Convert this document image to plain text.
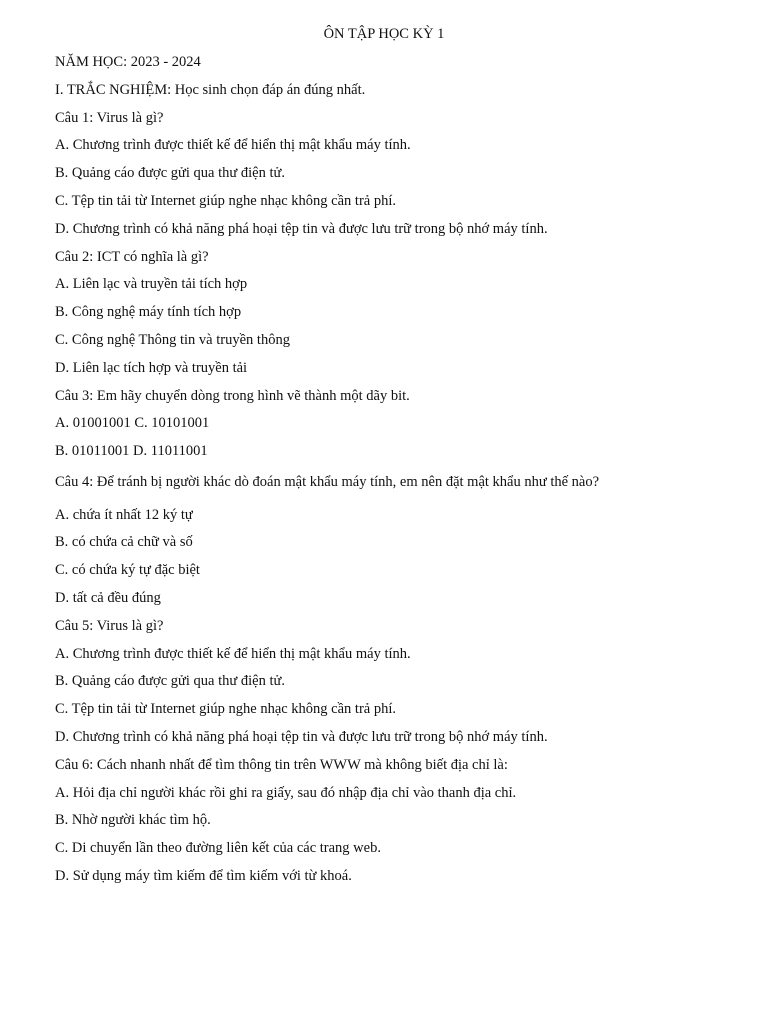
ÔN TẬP HỌC KỲ 1
NĂM HỌC: 2023 - 2024
I. TRẮC NGHIỆM: Học sinh chọn đáp án đúng nhất.
Câu 1: Virus là gì?
A. Chương trình được thiết kế để hiển thị mật khẩu máy tính.
B. Quảng cáo được gửi qua thư điện tử.
C. Tệp tin tải từ Internet giúp nghe nhạc không cần trả phí.
D. Chương trình có khả năng phá hoại tệp tin và được lưu trữ trong bộ nhớ máy tính.
Câu 2: ICT có nghĩa là gì?
A. Liên lạc và truyền tải tích hợp
B. Công nghệ máy tính tích hợp
C. Công nghệ Thông tin và truyền thông
D. Liên lạc tích hợp và truyền tải
Câu 3: Em hãy chuyển dòng trong hình vẽ thành một dãy bit.
A. 01001001 C. 10101001
B. 01011001 D. 11011001
Câu 4: Để tránh bị người khác dò đoán mật khẩu máy tính, em nên đặt mật khẩu như thế nào?
A. chứa ít nhất 12 ký tự
B. có chứa cả chữ và số
C. có chứa ký tự đặc biệt
D. tất cả đều đúng
Câu 5: Virus là gì?
A. Chương trình được thiết kế để hiển thị mật khẩu máy tính.
B. Quảng cáo được gửi qua thư điện tử.
C. Tệp tin tải từ Internet giúp nghe nhạc không cần trả phí.
D. Chương trình có khả năng phá hoại tệp tin và được lưu trữ trong bộ nhớ máy tính.
Câu 6: Cách nhanh nhất để tìm thông tin trên WWW mà không biết địa chỉ là:
A. Hỏi địa chỉ người khác rồi ghi ra giấy, sau đó nhập địa chỉ vào thanh địa chỉ.
B. Nhờ người khác tìm hộ.
C. Di chuyển lần theo đường liên kết của các trang web.
D. Sử dụng máy tìm kiếm để tìm kiếm với từ khoá.
